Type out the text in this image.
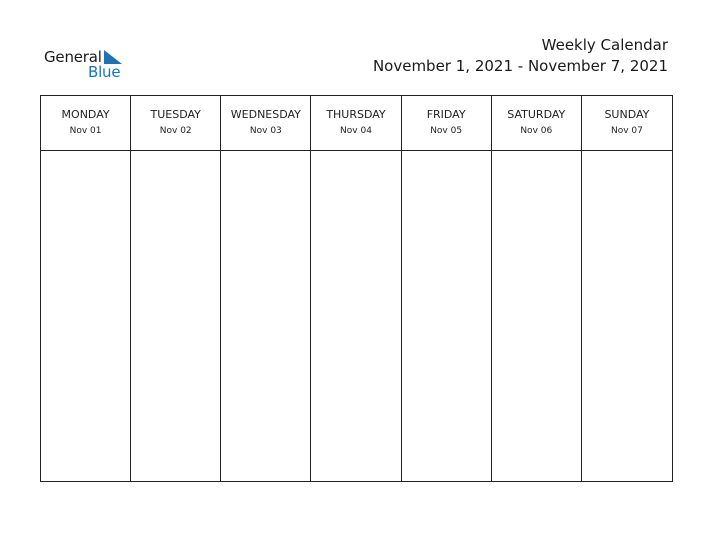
General
Blue
Weekly Calendar
November 1, 2021 - November 7, 2021
MONDAY
Nov 01
TUESDAY
Nov 02
WEDNESDAY
Nov 03
THURSDAY
Nov 04
FRIDAY
Nov 05
SATURDAY
Nov 06
SUNDAY
Nov 07
